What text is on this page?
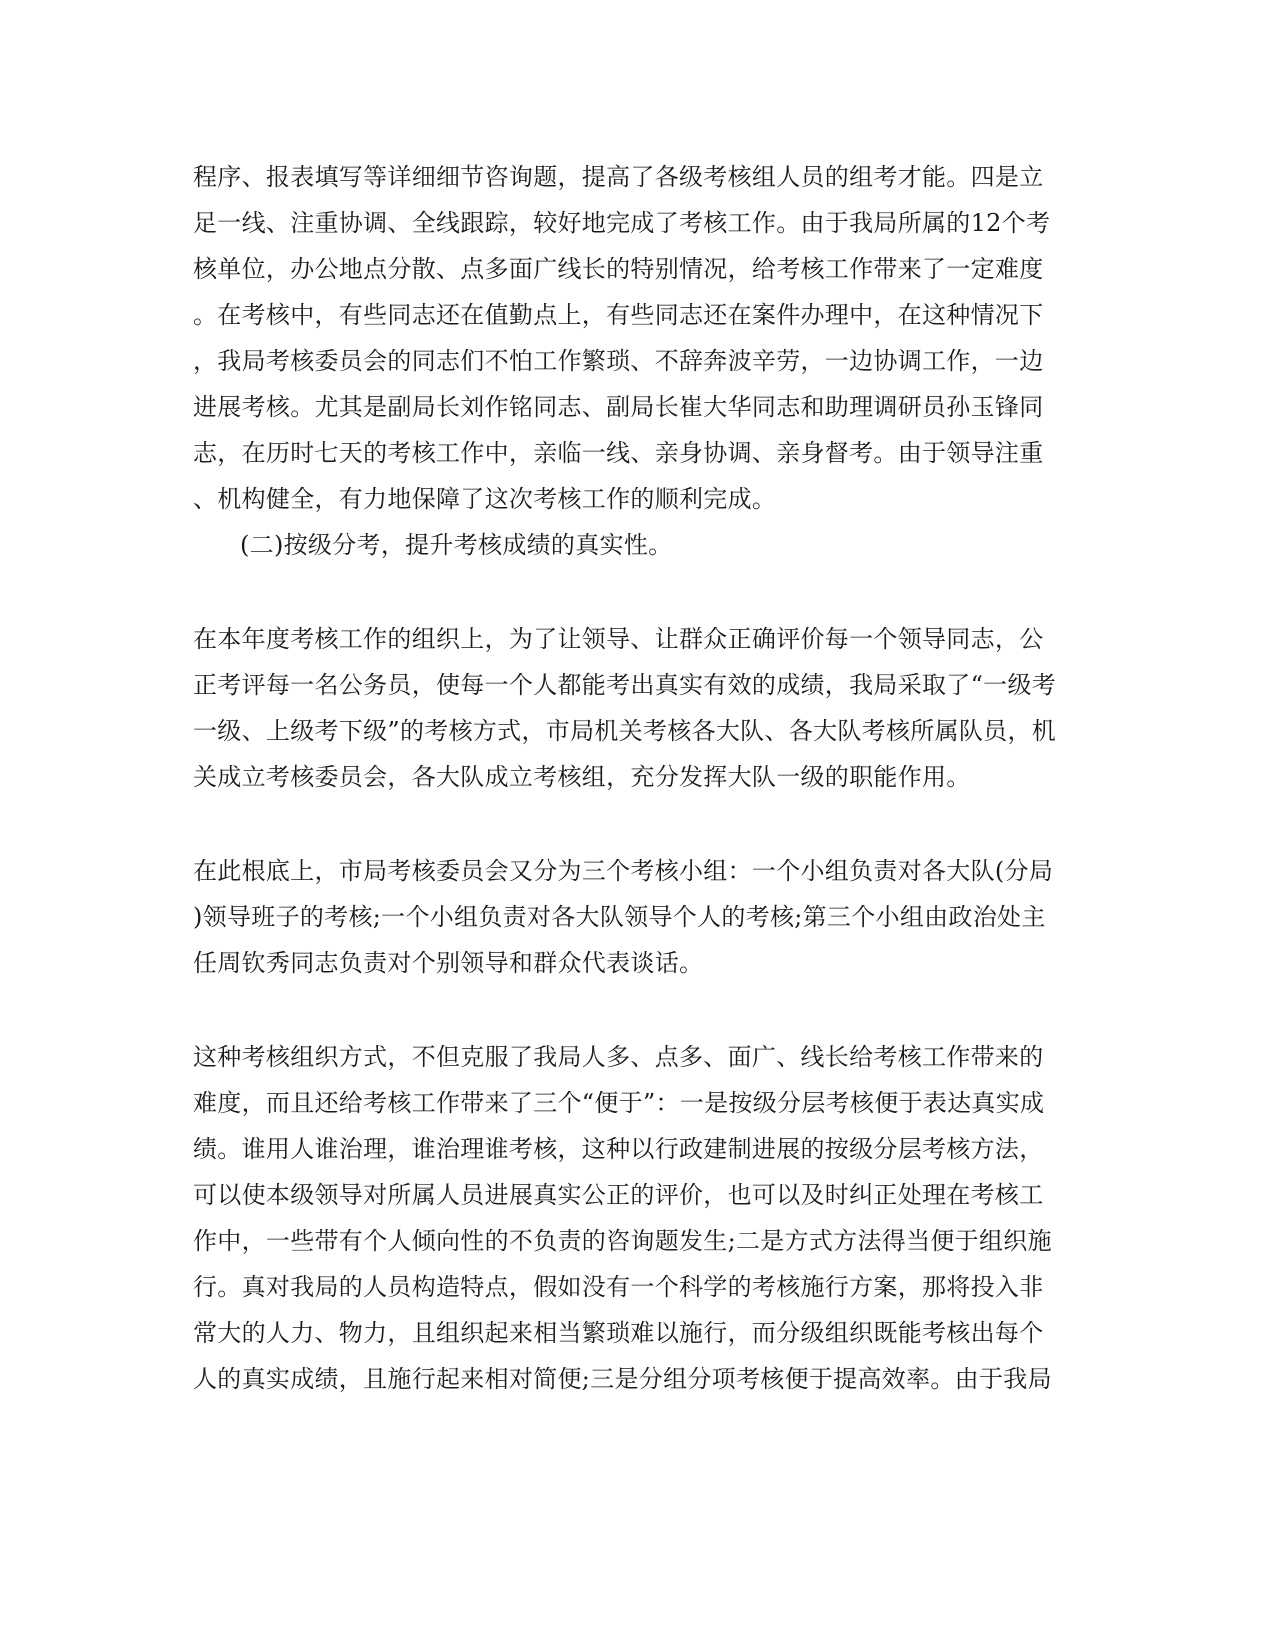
程序、报表填写等详细细节咨询题，提高了各级考核组人员的组考才能。四是立
足一线、注重协调、全线跟踪，较好地完成了考核工作。由于我局所属的12个考
核单位，办公地点分散、点多面广线长的特别情况，给考核工作带来了一定难度
。在考核中，有些同志还在值勤点上，有些同志还在案件办理中，在这种情况下
，我局考核委员会的同志们不怕工作繁琐、不辞奔波辛劳，一边协调工作，一边
进展考核。尤其是副局长刘作铭同志、副局长崔大华同志和助理调研员孙玉锋同
志，在历时七天的考核工作中，亲临一线、亲身协调、亲身督考。由于领导注重
、机构健全，有力地保障了这次考核工作的顺利完成。
(二)按级分考，提升考核成绩的真实性。
在本年度考核工作的组织上，为了让领导、让群众正确评价每一个领导同志，公
正考评每一名公务员，使每一个人都能考出真实有效的成绩，我局采取了“一级考
一级、上级考下级”的考核方式，市局机关考核各大队、各大队考核所属队员，机
关成立考核委员会，各大队成立考核组，充分发挥大队一级的职能作用。
在此根底上，市局考核委员会又分为三个考核小组：一个小组负责对各大队(分局
)领导班子的考核;一个小组负责对各大队领导个人的考核;第三个小组由政治处主
任周钦秀同志负责对个别领导和群众代表谈话。
这种考核组织方式，不但克服了我局人多、点多、面广、线长给考核工作带来的
难度，而且还给考核工作带来了三个“便于”：一是按级分层考核便于表达真实成
绩。谁用人谁治理，谁治理谁考核，这种以行政建制进展的按级分层考核方法，
可以使本级领导对所属人员进展真实公正的评价，也可以及时纠正处理在考核工
作中，一些带有个人倾向性的不负责的咨询题发生;二是方式方法得当便于组织施
行。真对我局的人员构造特点，假如没有一个科学的考核施行方案，那将投入非
常大的人力、物力，且组织起来相当繁琐难以施行，而分级组织既能考核出每个
人的真实成绩，且施行起来相对简便;三是分组分项考核便于提高效率。由于我局
